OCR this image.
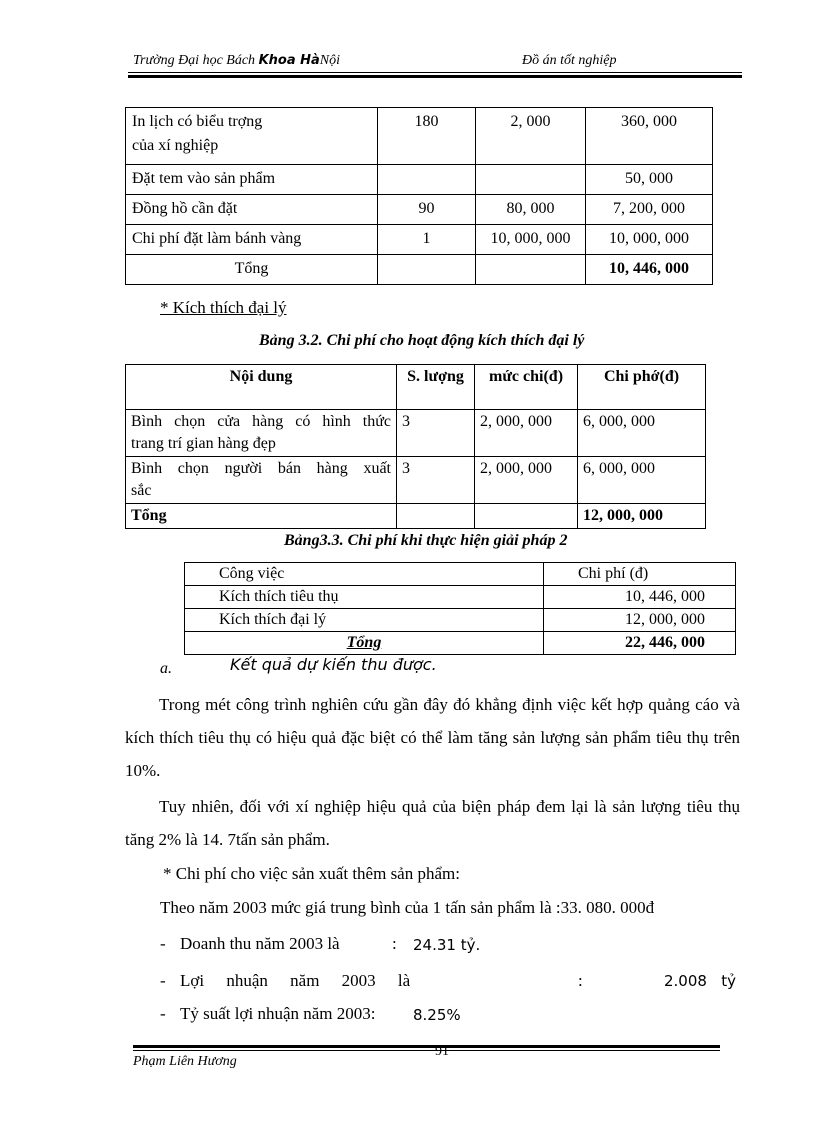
Trường Đại học Bách Khoa HàNội	Đồ án tốt nghiệp
In lịch có biểu trợng
của xí nghiệp	180	2, 000	360, 000
Đặt tem vào sản phẩm			50, 000
Đồng hồ cần đặt	90	80, 000	7, 200, 000
Chi phí đặt làm bánh vàng	1	10, 000, 000	10, 000, 000
Tổng			10, 446, 000
* Kích thích đại lý
Bảng 3.2. Chi phí cho hoạt động kích thích đại lý
Nội dung	S. lượng	mức chi(đ)	Chi phớ(đ)

Bình chọn cửa hàng có hình thức
trang trí gian hàng đẹp	3	2, 000, 000	6, 000, 000

Bình chọn người bán hàng xuất
sắc	3	2, 000, 000	6, 000, 000
Tổng			12, 000, 000
Bảng3.3. Chi phí khi thực hiện giải pháp 2
Công việc	Chi phí (đ)
Kích thích tiêu thụ	10, 446, 000
Kích thích đại lý	12, 000, 000
Tổng	22, 446, 000
a.	Kết quả dự kiến thu được.
Trong mét công trình nghiên cứu gần đây đó khẳng định việc kết hợp quảng cáo và kích thích tiêu thụ có hiệu quả đặc biệt có thể làm tăng sản lượng sản phẩm tiêu thụ trên 10%.
Tuy nhiên, đối với xí nghiệp hiệu quả của biện pháp đem lại là sản lượng tiêu thụ tăng 2% là 14. 7tấn sản phẩm.
* Chi phí cho việc sản xuất thêm sản phẩm:
Theo năm 2003 mức giá trung bình của 1 tấn sản phẩm là :33. 080. 000đ
- Doanh thu năm 2003 là	: 24.31 tỷ.
- Lợi nhuận năm 2003 là	:	2.008   tỷ
- Tỷ suất lợi nhuận năm 2003:	8.25%
91
Phạm Liên Hương
